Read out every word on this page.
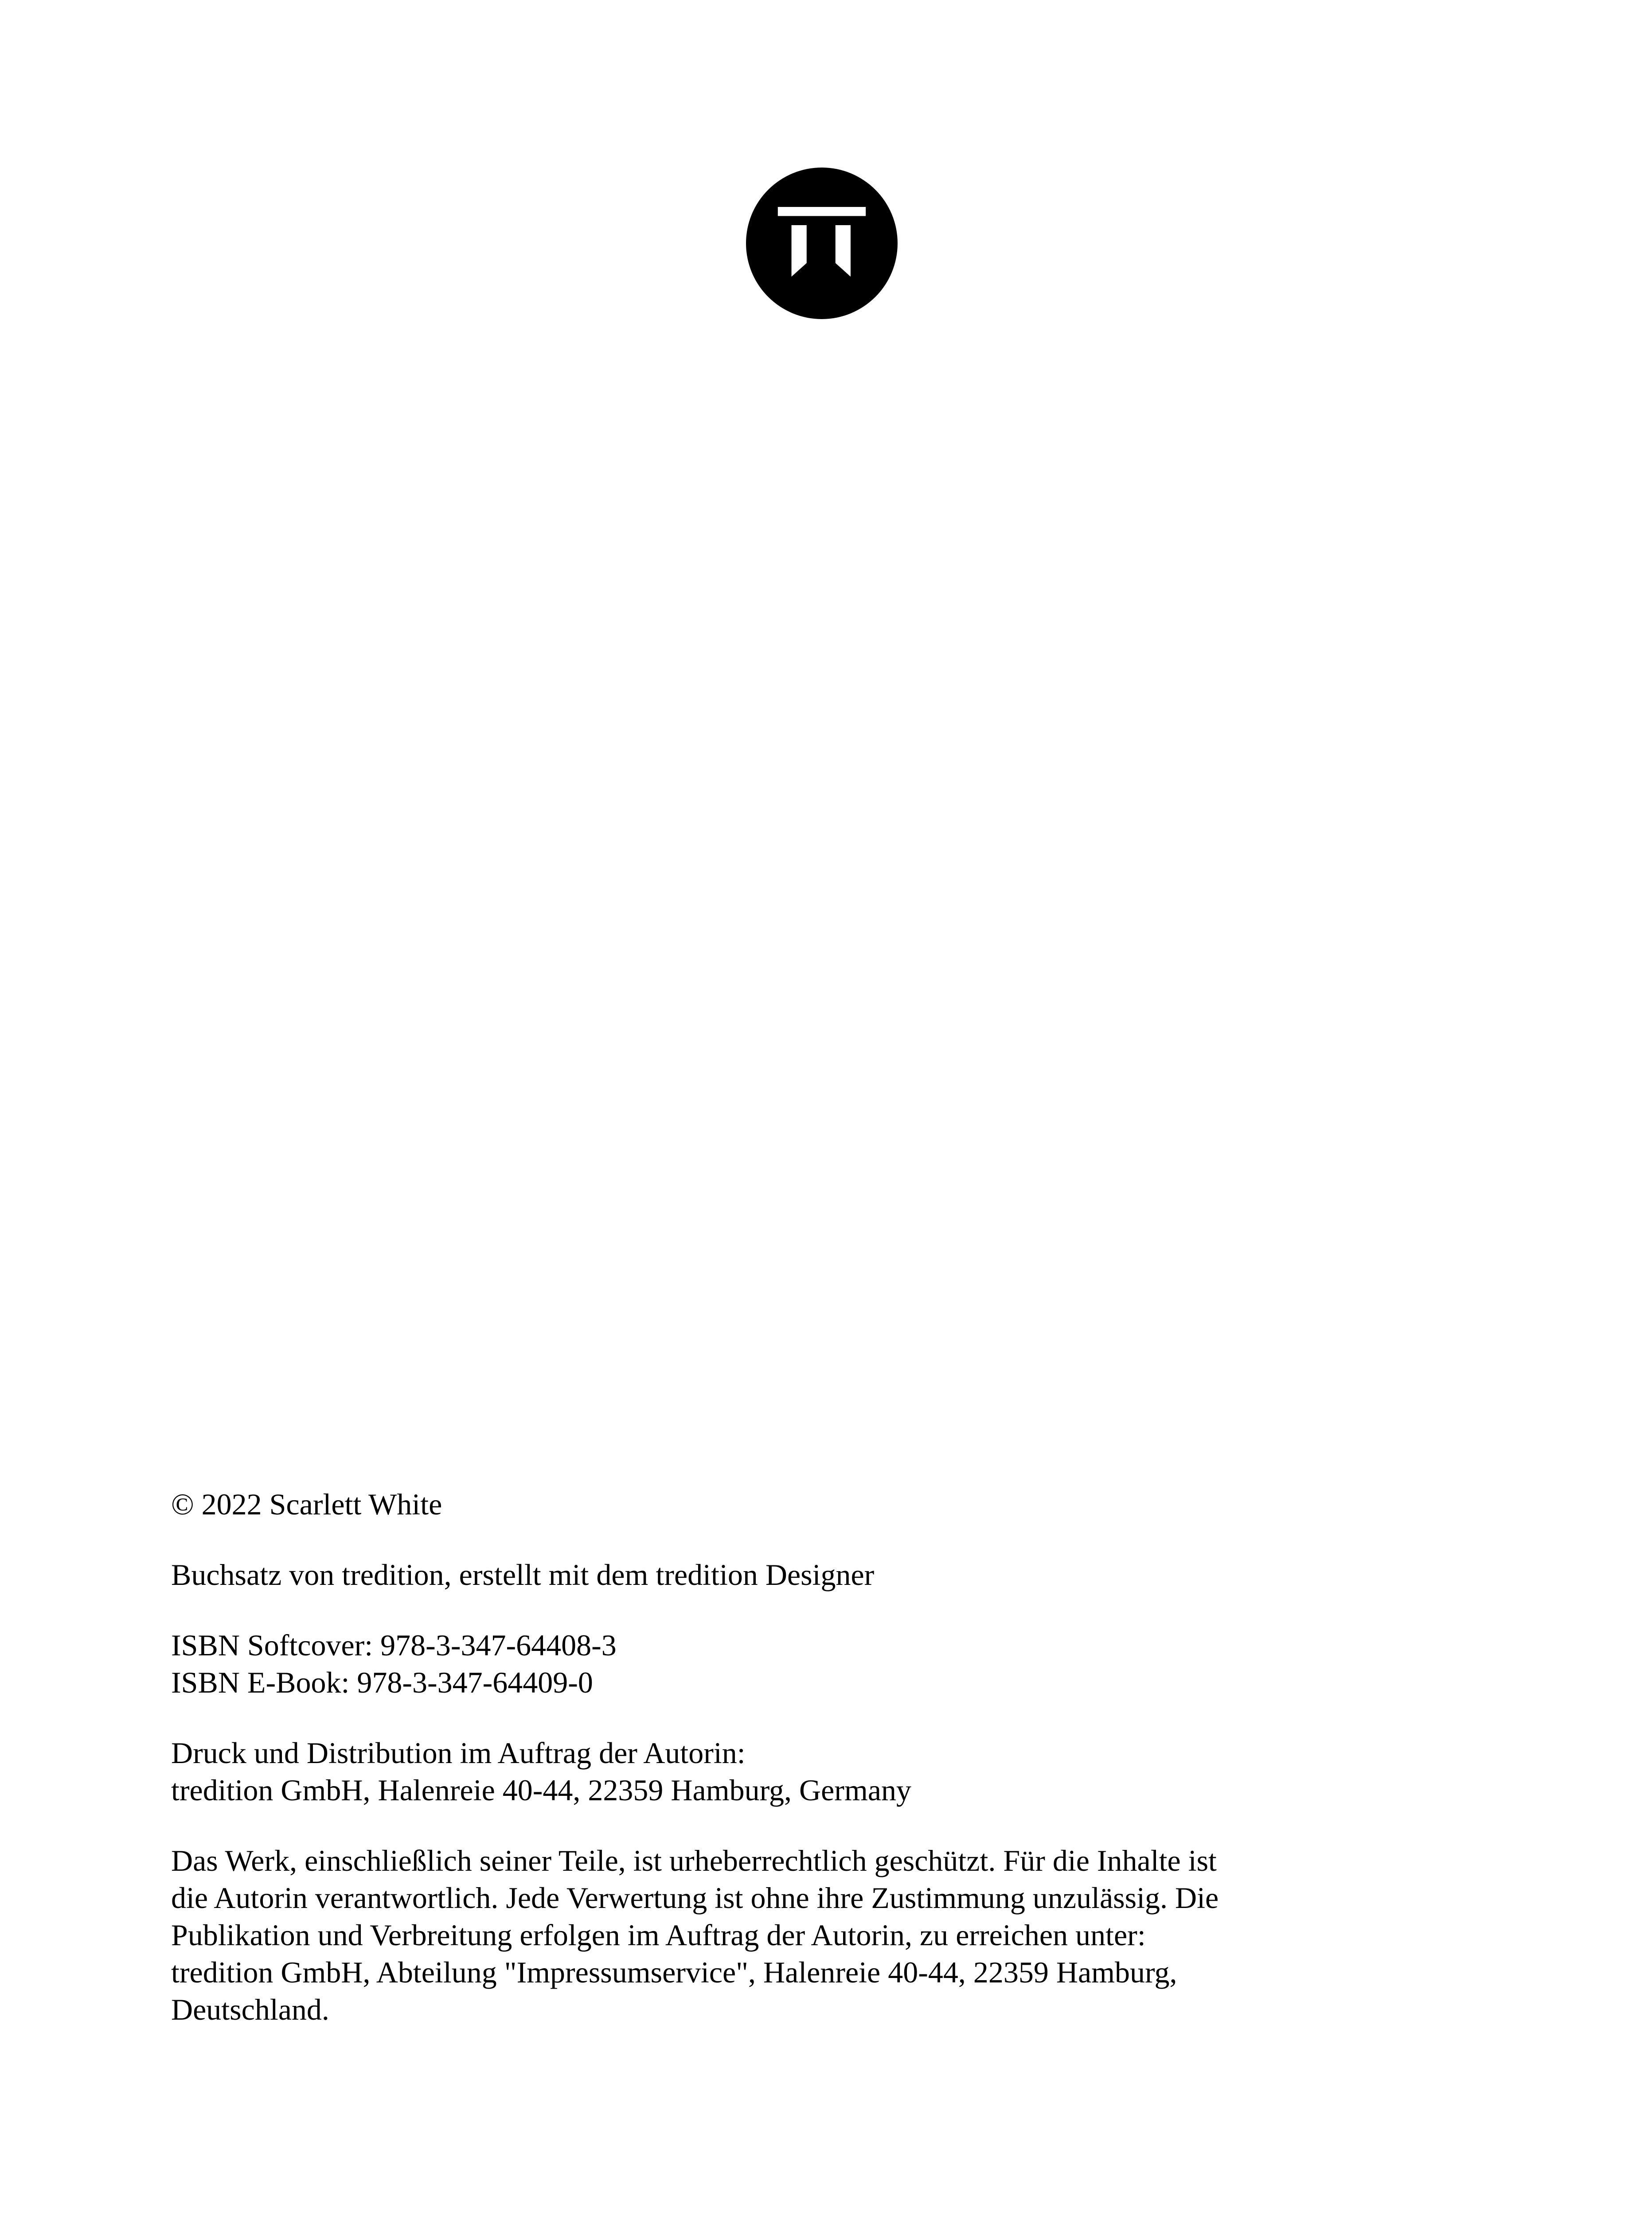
© 2022 Scarlett White

Buchsatz von tredition, erstellt mit dem tredition Designer

ISBN Softcover: 978-3-347-64408-3
ISBN E-Book: 978-3-347-64409-0

Druck und Distribution im Auftrag der Autorin:
tredition GmbH, Halenreie 40-44, 22359 Hamburg, Germany

Das Werk, einschließlich seiner Teile, ist urheberrechtlich geschützt. Für die Inhalte ist
die Autorin verantwortlich. Jede Verwertung ist ohne ihre Zustimmung unzulässig. Die
Publikation und Verbreitung erfolgen im Auftrag der Autorin, zu erreichen unter:
tredition GmbH, Abteilung "Impressumservice", Halenreie 40-44, 22359 Hamburg,
Deutschland.
